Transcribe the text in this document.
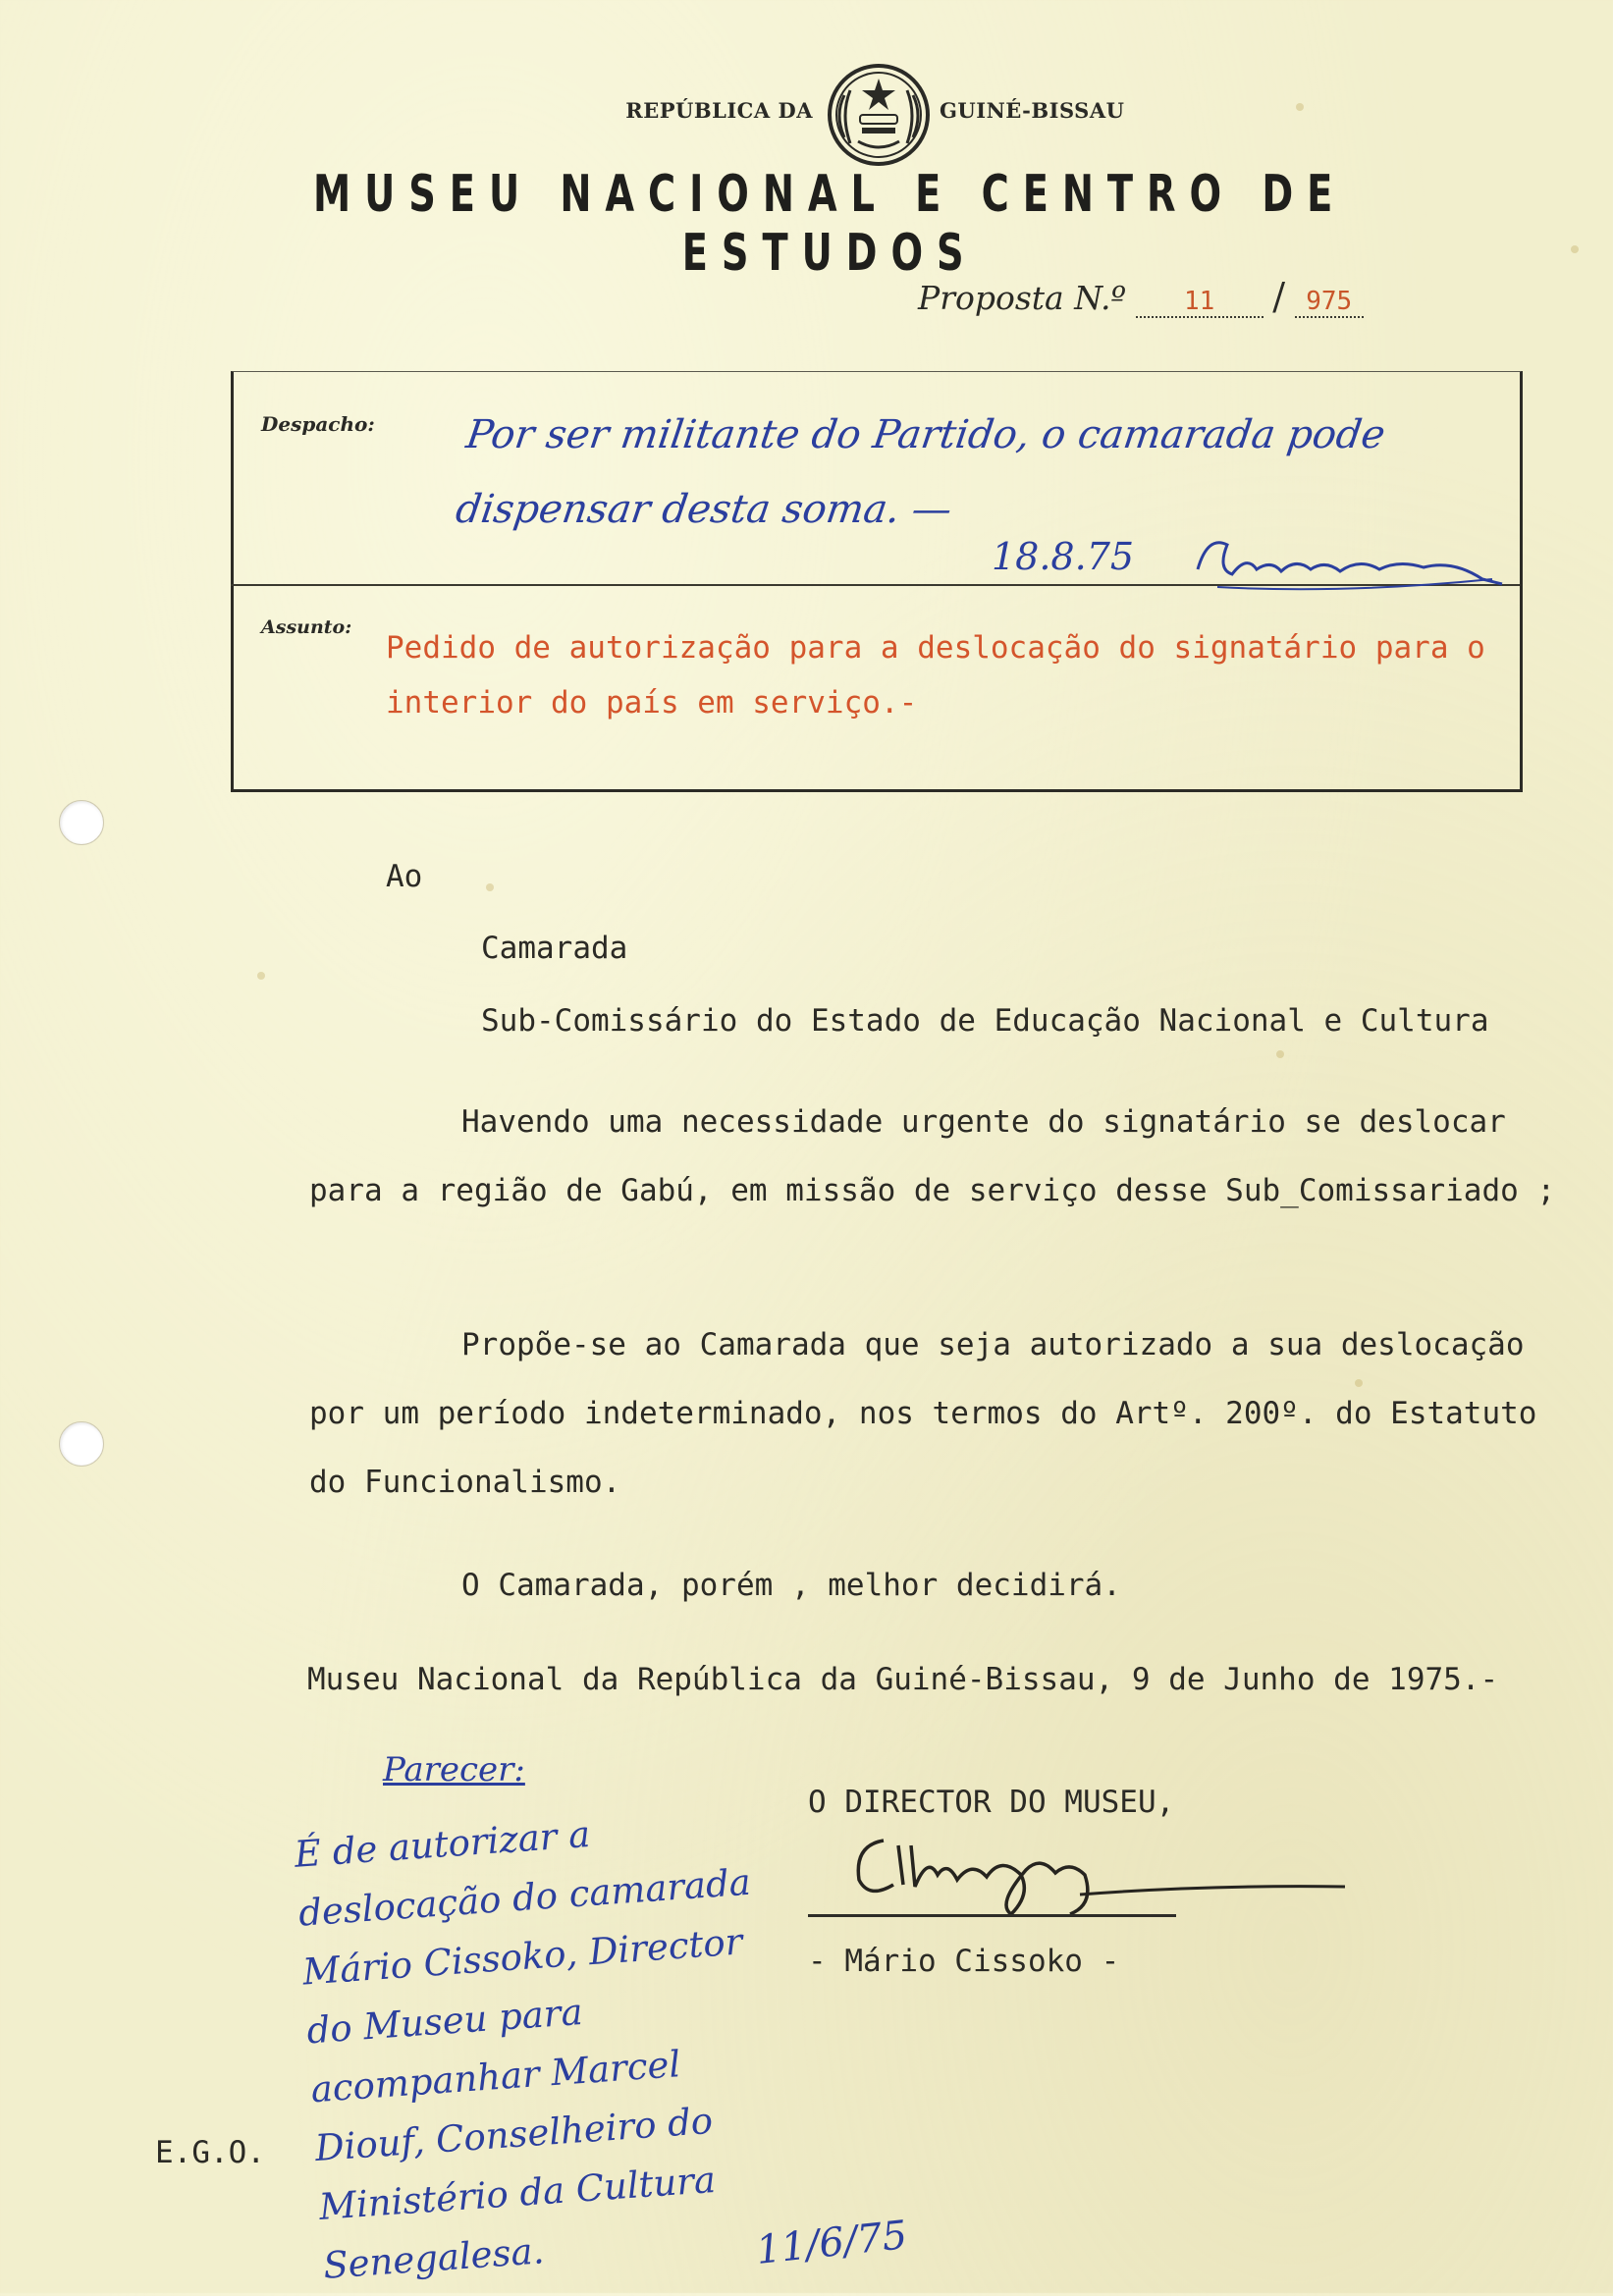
REPÚBLICA DA	GUINÉ-BISSAU
MUSEU NACIONAL E CENTRO DE ESTUDOS
Proposta N.º 11 / 975
Despacho:	Por ser militante do Partido, o camarada pode dispensar desta soma. —
18.8.75
Assunto:
Pedido de autorização para a deslocação do signatário para o interior do país em serviço.-
Ao
Camarada
Sub-Comissário do Estado de Educação Nacional e Cultura
Havendo uma necessidade urgente do signatário se deslocar para a região de Gabú, em missão de serviço desse Sub_Comissariado ;
Propõe-se ao Camarada que seja autorizado a sua deslocação por um período indeterminado, nos termos do Artº. 200º. do Estatuto do Funcionalismo.
O Camarada, porém , melhor decidirá.
Museu Nacional da República da Guiné-Bissau, 9 de Junho de 1975.-
O DIRECTOR DO MUSEU,
- Mário Cissoko -
E.G.O.
Parecer:
É de autorizar a deslocação do camarada Mário Cissoko, Director do Museu para acompanhar Marcel Diouf, Conselheiro do Ministério da Cultura Senegalesa.	11/6/75
